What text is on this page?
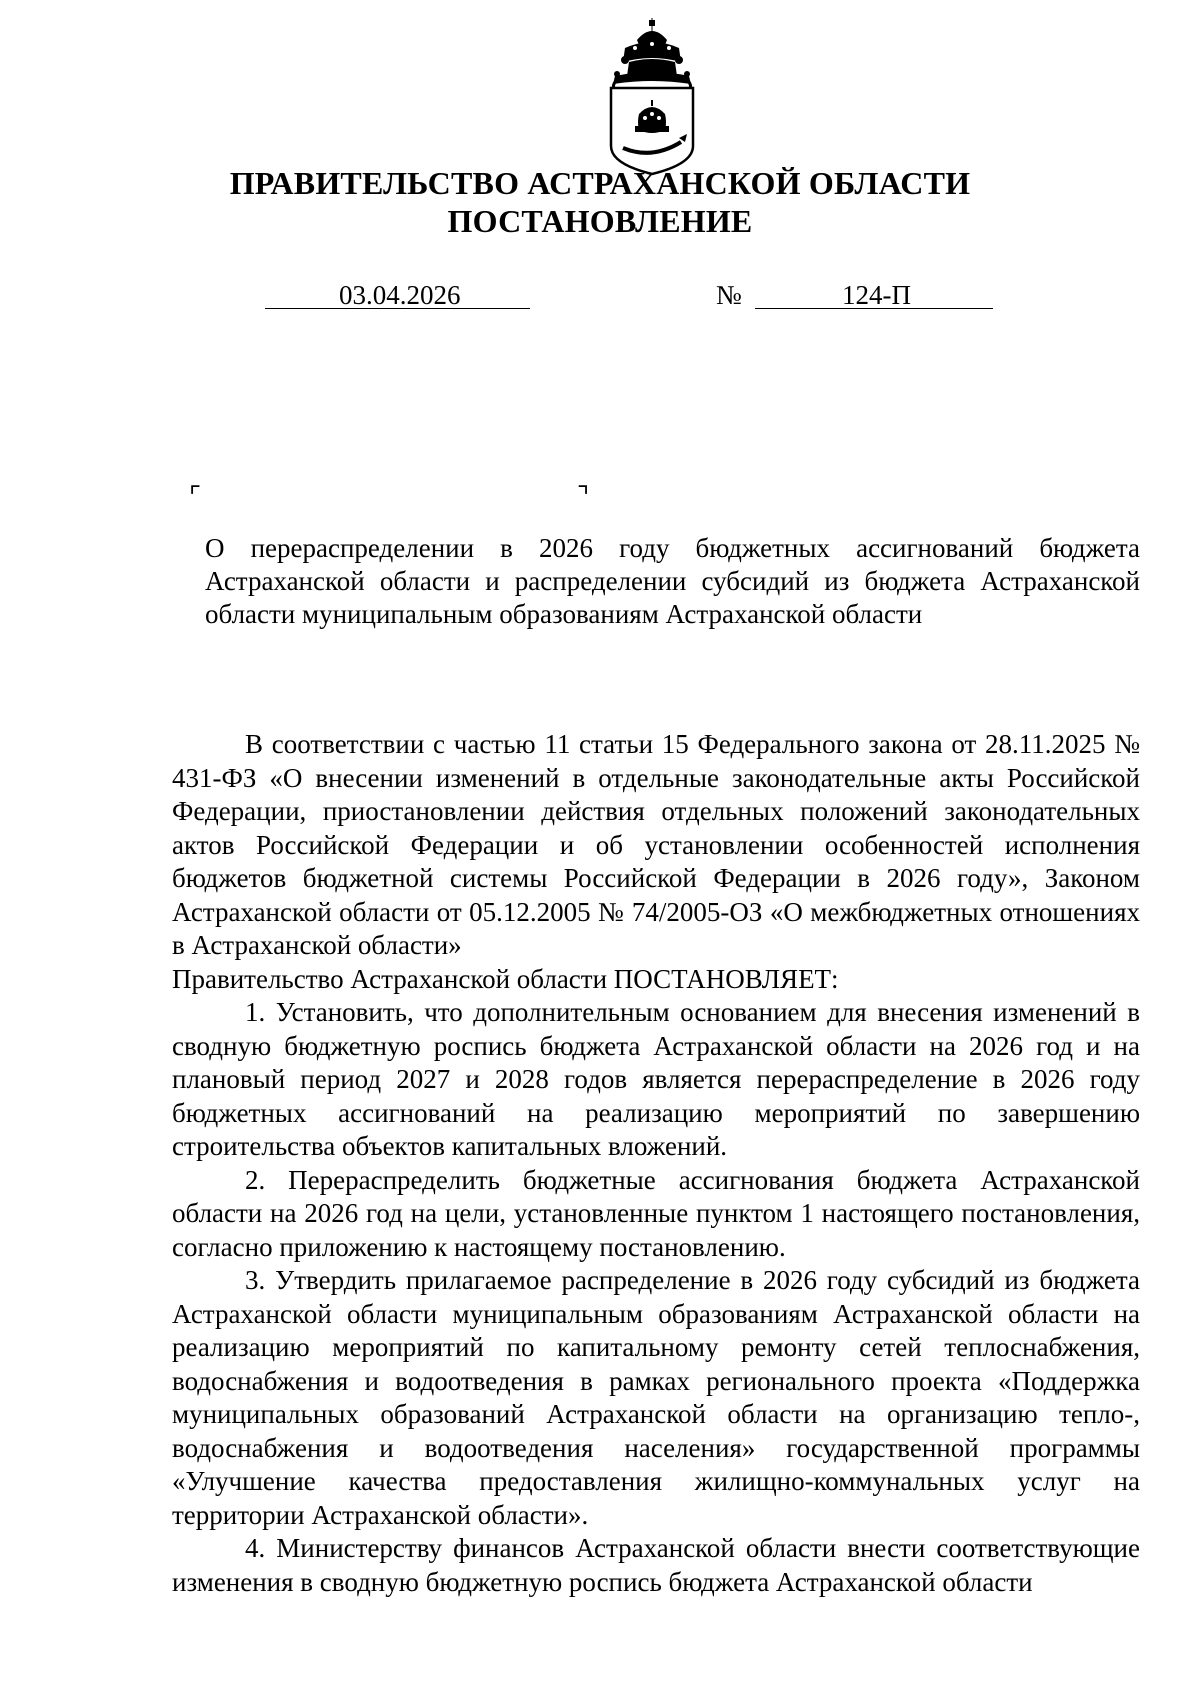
ПРАВИТЕЛЬСТВО АСТРАХАНСКОЙ ОБЛАСТИ
ПОСТАНОВЛЕНИЕ
03.04.2026	№	124-П
⌜	⌝
О перераспределении в 2026 году бюджетных ассигнований бюджета Астраханской области и распределении субсидий из бюджета Астраханской области муниципальным образованиям Астраханской области

В соответствии с частью 11 статьи 15 Федерального закона от 28.11.2025 № 431-ФЗ «О внесении изменений в отдельные законодательные акты Российской Федерации, приостановлении действия отдельных положений законодательных актов Российской Федерации и об установлении особенностей исполнения бюджетов бюджетной системы Российской Федерации в 2026 году», Законом Астраханской области от 05.12.2005 № 74/2005-ОЗ «О межбюджетных отношениях в Астраханской области»

Правительство Астраханской области ПОСТАНОВЛЯЕТ:

1. Установить, что дополнительным основанием для внесения изменений в сводную бюджетную роспись бюджета Астраханской области на 2026 год и на плановый период 2027 и 2028 годов является перераспределение в 2026 году бюджетных ассигнований на реализацию мероприятий по завершению строительства объектов капитальных вложений.

2. Перераспределить бюджетные ассигнования бюджета Астраханской области на 2026 год на цели, установленные пунктом 1 настоящего постановления, согласно приложению к настоящему постановлению.

3. Утвердить прилагаемое распределение в 2026 году субсидий из бюджета Астраханской области муниципальным образованиям Астраханской области на реализацию мероприятий по капитальному ремонту сетей теплоснабжения, водоснабжения и водоотведения в рамках регионального проекта «Поддержка муниципальных образований Астраханской области на организацию тепло-, водоснабжения и водоотведения населения» государственной программы «Улучшение качества предоставления жилищно-коммунальных услуг на территории Астраханской области».

4. Министерству финансов Астраханской области внести соответствующие изменения в сводную бюджетную роспись бюджета Астраханской области
